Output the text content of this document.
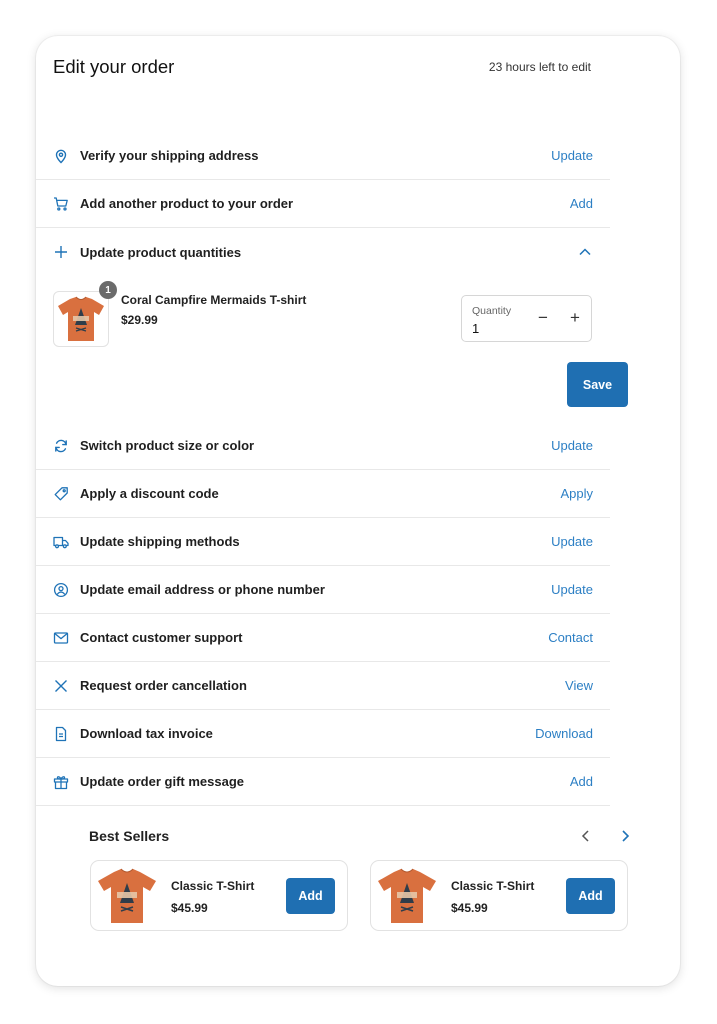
Edit your order	23 hours left to edit
Verify your shipping address	Update
Add another product to your order	Add
Update product quantities
1
Coral Campfire Mermaids T-shirt
$29.99
Quantity
1
− +
Save
Switch product size or color	Update
Apply a discount code	Apply
Update shipping methods	Update
Update email address or phone number	Update
Contact customer support	Contact
Request order cancellation	View
Download tax invoice	Download
Update order gift message	Add
Best Sellers
Classic T-Shirt
$45.99
Add
Classic T-Shirt
$45.99
Add
